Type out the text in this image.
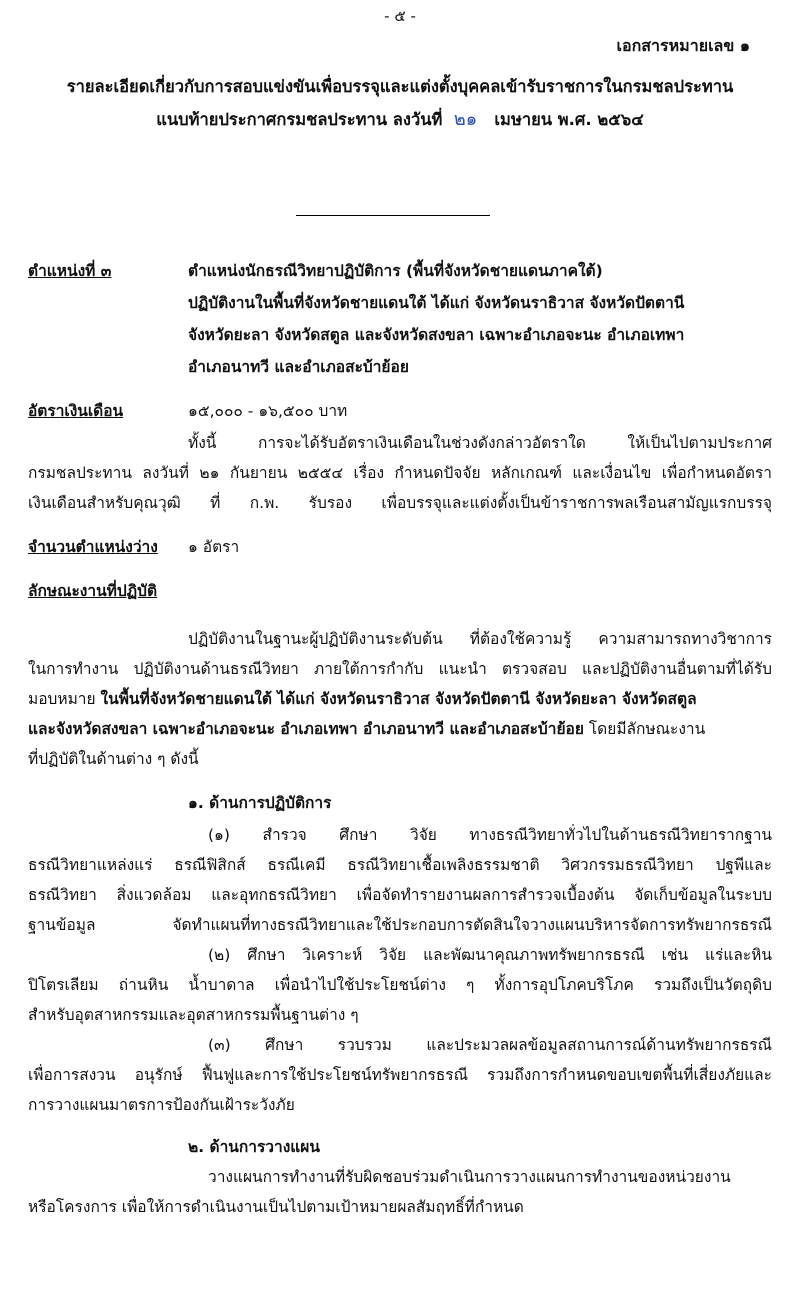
- ๕ -
เอกสารหมายเลข ๑
รายละเอียดเกี่ยวกับการสอบแข่งขันเพื่อบรรจุและแต่งตั้งบุคคลเข้ารับราชการในกรมชลประทาน
แนบท้ายประกาศกรมชลประทาน ลงวันที่ ๒๑ เมษายน พ.ศ. ๒๕๖๔
ตำแหน่งที่ ๓	ตำแหน่งนักธรณีวิทยาปฏิบัติการ (พื้นที่จังหวัดชายแดนภาคใต้)
ปฏิบัติงานในพื้นที่จังหวัดชายแดนใต้ ได้แก่ จังหวัดนราธิวาส จังหวัดปัตตานี
จังหวัดยะลา จังหวัดสตูล และจังหวัดสงขลา เฉพาะอำเภอจะนะ อำเภอเทพา
อำเภอนาทวี และอำเภอสะบ้าย้อย
อัตราเงินเดือน	๑๕,๐๐๐ - ๑๖,๕๐๐ บาท
ทั้งนี้ การจะได้รับอัตราเงินเดือนในช่วงดังกล่าวอัตราใด ให้เป็นไปตามประกาศ
กรมชลประทาน ลงวันที่ ๒๑ กันยายน ๒๕๕๔ เรื่อง กำหนดปัจจัย หลักเกณฑ์ และเงื่อนไข เพื่อกำหนดอัตรา
เงินเดือนสำหรับคุณวุฒิ ที่ ก.พ. รับรอง เพื่อบรรจุและแต่งตั้งเป็นข้าราชการพลเรือนสามัญแรกบรรจุ
จำนวนตำแหน่งว่าง ๑ อัตรา
ลักษณะงานที่ปฏิบัติ
ปฏิบัติงานในฐานะผู้ปฏิบัติงานระดับต้น ที่ต้องใช้ความรู้ ความสามารถทางวิชาการ
ในการทำงาน ปฏิบัติงานด้านธรณีวิทยา ภายใต้การกำกับ แนะนำ ตรวจสอบ และปฏิบัติงานอื่นตามที่ได้รับ
มอบหมาย ในพื้นที่จังหวัดชายแดนใต้ ได้แก่ จังหวัดนราธิวาส จังหวัดปัตตานี จังหวัดยะลา จังหวัดสตูล
และจังหวัดสงขลา เฉพาะอำเภอจะนะ อำเภอเทพา อำเภอนาทวี และอำเภอสะบ้าย้อย โดยมีลักษณะงาน
ที่ปฏิบัติในด้านต่าง ๆ ดังนี้
๑. ด้านการปฏิบัติการ
(๑) สำรวจ ศึกษา วิจัย ทางธรณีวิทยาทั่วไปในด้านธรณีวิทยารากฐาน
ธรณีวิทยาแหล่งแร่ ธรณีฟิสิกส์ ธรณีเคมี ธรณีวิทยาเชื้อเพลิงธรรมชาติ วิศวกรรมธรณีวิทยา ปฐพีและ
ธรณีวิทยา สิ่งแวดล้อม และอุทกธรณีวิทยา เพื่อจัดทำรายงานผลการสำรวจเบื้องต้น จัดเก็บข้อมูลในระบบ
ฐานข้อมูล จัดทำแผนที่ทางธรณีวิทยาและใช้ประกอบการตัดสินใจวางแผนบริหารจัดการทรัพยากรธรณี
(๒) ศึกษา วิเคราะห์ วิจัย และพัฒนาคุณภาพทรัพยากรธรณี เช่น แร่และหิน
ปิโตรเลียม ถ่านหิน น้ำบาดาล เพื่อนำไปใช้ประโยชน์ต่าง ๆ ทั้งการอุปโภคบริโภค รวมถึงเป็นวัตถุดิบ
สำหรับอุตสาหกรรมและอุตสาหกรรมพื้นฐานต่าง ๆ
(๓) ศึกษา รวบรวม และประมวลผลข้อมูลสถานการณ์ด้านทรัพยากรธรณี
เพื่อการสงวน อนุรักษ์ ฟื้นฟูและการใช้ประโยชน์ทรัพยากรธรณี รวมถึงการกำหนดขอบเขตพื้นที่เสี่ยงภัยและ
การวางแผนมาตรการป้องกันเฝ้าระวังภัย
๒. ด้านการวางแผน
วางแผนการทำงานที่รับผิดชอบร่วมดำเนินการวางแผนการทำงานของหน่วยงาน
หรือโครงการ เพื่อให้การดำเนินงานเป็นไปตามเป้าหมายผลสัมฤทธิ์ที่กำหนด
